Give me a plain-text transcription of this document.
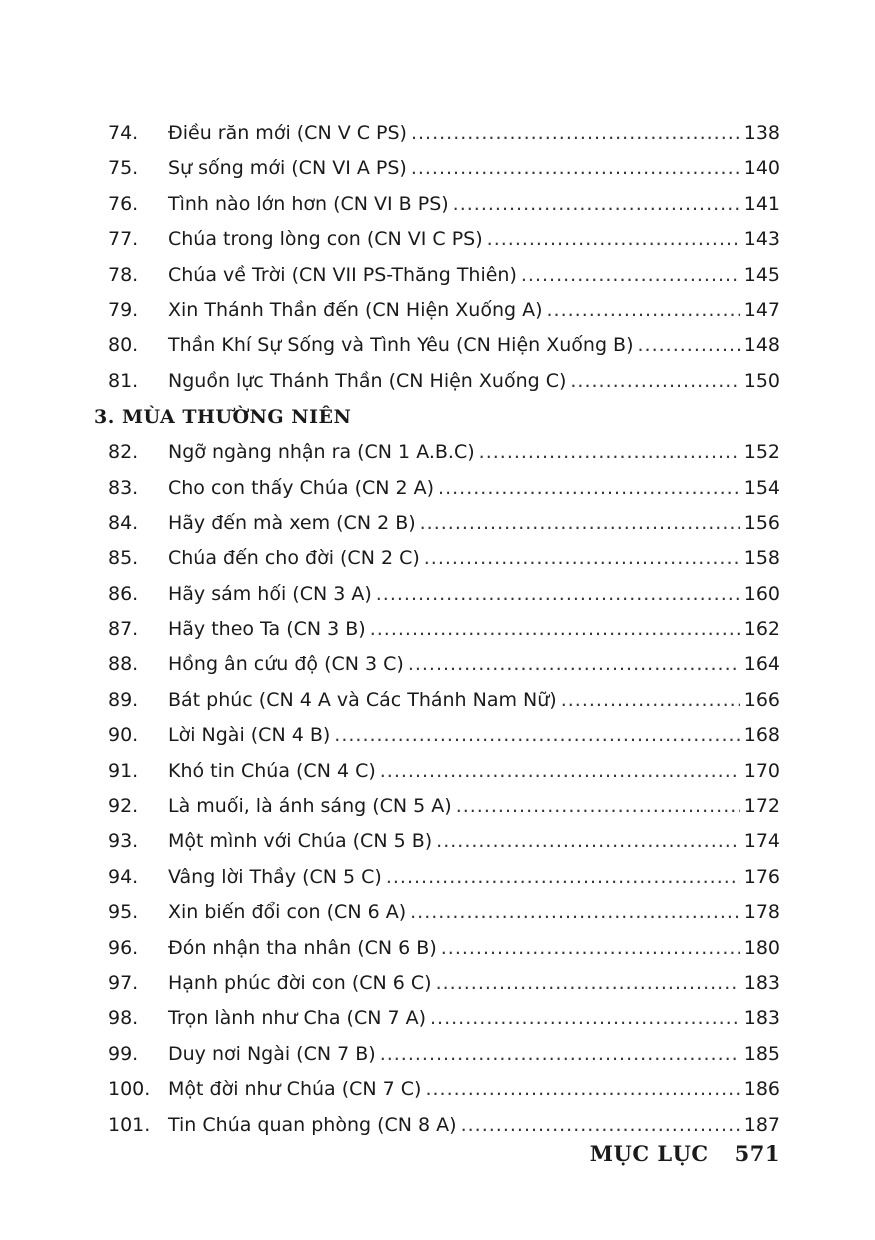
74.	Điều răn mới (CN V C PS) .....	138
75.	Sự sống mới (CN VI A PS) .....	140
76.	Tình nào lớn hơn (CN VI B PS) .....	141
77.	Chúa trong lòng con (CN VI C PS) .....	143
78.	Chúa về Trời (CN VII PS-Thăng Thiên) .....	145
79.	Xin Thánh Thần đến (CN Hiện Xuống A) .....	147
80.	Thần Khí Sự Sống và Tình Yêu (CN Hiện Xuống B) .....	148
81.	Nguồn lực Thánh Thần (CN Hiện Xuống C) .....	150
3. MÙA THƯỜNG NIÊN
82.	Ngỡ ngàng nhận ra (CN 1 A.B.C) .....	152
83.	Cho con thấy Chúa (CN 2 A) .....	154
84.	Hãy đến mà xem (CN 2 B) .....	156
85.	Chúa đến cho đời (CN 2 C) .....	158
86.	Hãy sám hối (CN 3 A) .....	160
87.	Hãy theo Ta (CN 3 B) .....	162
88.	Hồng ân cứu độ (CN 3 C) .....	164
89.	Bát phúc (CN 4 A và Các Thánh Nam Nữ) .....	166
90.	Lời Ngài (CN 4 B) .....	168
91.	Khó tin Chúa (CN 4 C) .....	170
92.	Là muối, là ánh sáng (CN 5 A) .....	172
93.	Một mình với Chúa (CN 5 B) .....	174
94.	Vâng lời Thầy (CN 5 C) .....	176
95.	Xin biến đổi con (CN 6 A) .....	178
96.	Đón nhận tha nhân (CN 6 B) .....	180
97.	Hạnh phúc đời con (CN 6 C) .....	183
98.	Trọn lành như Cha (CN 7 A) .....	183
99.	Duy nơi Ngài (CN 7 B) .....	185
100. Một đời như Chúa (CN 7 C) .....	186
101. Tin Chúa quan phòng (CN 8 A) .....	187
MỤC LỤC 571
